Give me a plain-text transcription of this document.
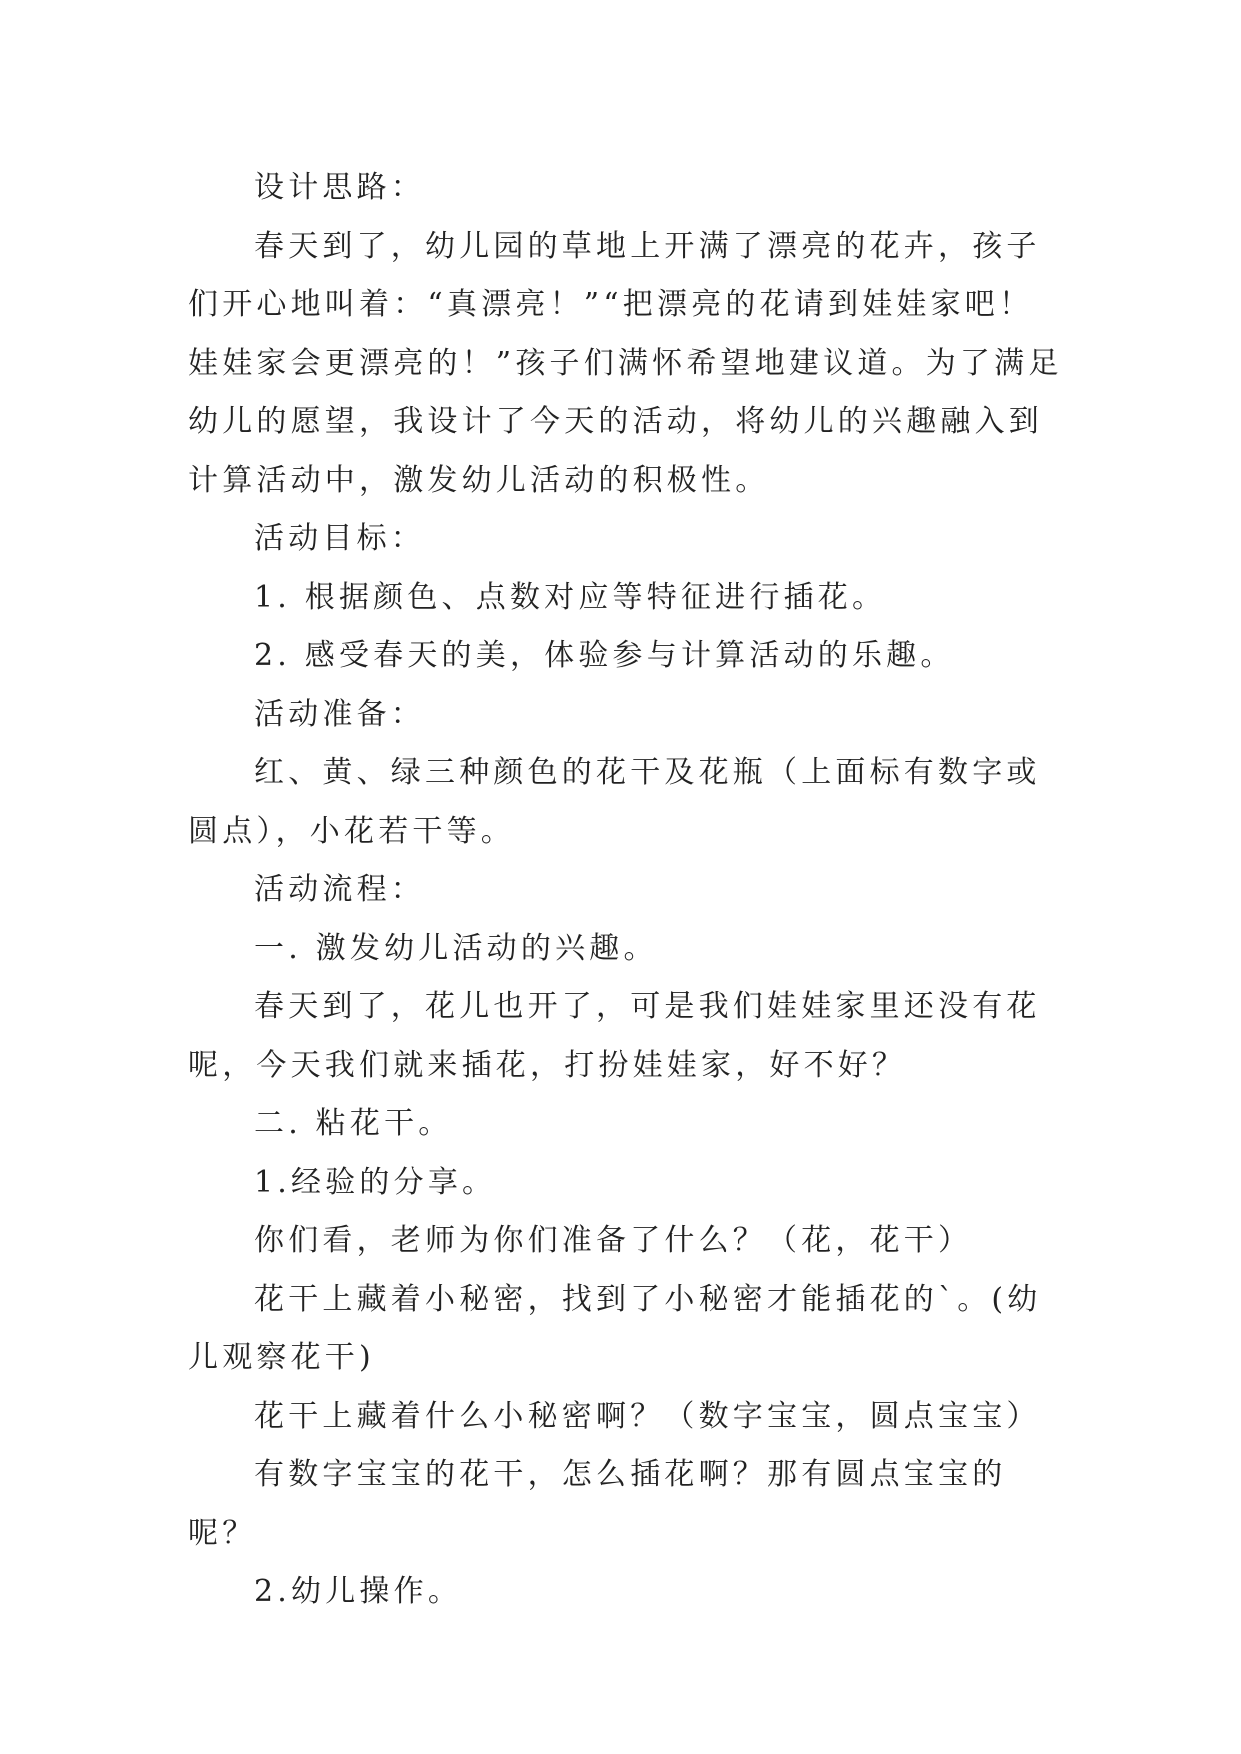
设计思路：

春天到了，幼儿园的草地上开满了漂亮的花卉，孩子们开心地叫着：“真漂亮！”“把漂亮的花请到娃娃家吧！娃娃家会更漂亮的！”孩子们满怀希望地建议道。为了满足幼儿的愿望，我设计了今天的活动，将幼儿的兴趣融入到计算活动中，激发幼儿活动的积极性。

活动目标：

1. 根据颜色、点数对应等特征进行插花。

2. 感受春天的美，体验参与计算活动的乐趣。

活动准备：

红、黄、绿三种颜色的花干及花瓶（上面标有数字或圆点），小花若干等。

活动流程：

一. 激发幼儿活动的兴趣。

春天到了，花儿也开了，可是我们娃娃家里还没有花呢，今天我们就来插花，打扮娃娃家，好不好？

二. 粘花干。

1.经验的分享。

你们看，老师为你们准备了什么？（花，花干）

花干上藏着小秘密，找到了小秘密才能插花的`。(幼儿观察花干)

花干上藏着什么小秘密啊？（数字宝宝，圆点宝宝）

有数字宝宝的花干，怎么插花啊？那有圆点宝宝的呢？

2.幼儿操作。
